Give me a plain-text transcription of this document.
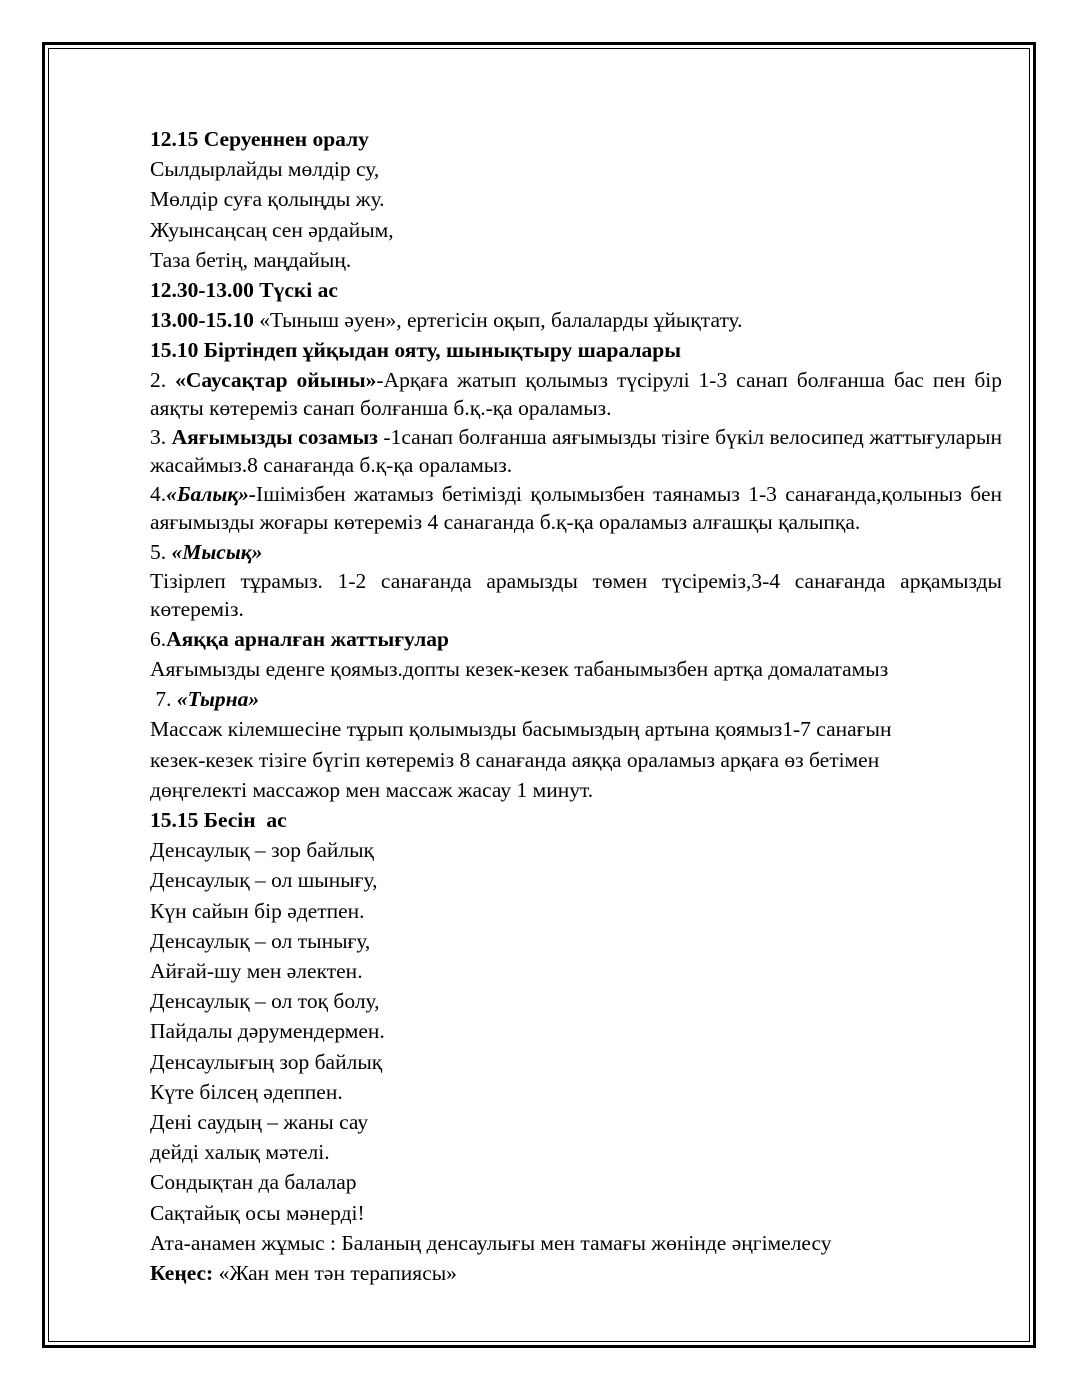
12.15 Серуеннен оралу

Сылдырлайды мөлдір су,

Мөлдір суға қолыңды жу.

Жуынсаңсаң сен әрдайым,

Таза бетің, маңдайың.

12.30-13.00 Түскі ас

13.00-15.10 «Тыныш әуен», ертегісін оқып, балаларды ұйықтату.

15.10 Біртіндеп ұйқыдан ояту, шынықтыру шаралары

2. «Саусақтар ойыны»-Арқаға жатып қолымыз түсірулі 1-3 санап болғанша бас пен бір аяқты көтереміз санап болғанша б.қ.-қа ораламыз.

3. Аяғымызды созамыз -1санап болғанша аяғымызды тізіге бүкіл велосипед жаттығуларын жасаймыз.8 санағанда б.қ-қа ораламыз.

4.«Балық»-Ішімізбен жатамыз бетімізді қолымызбен таянамыз 1-3 санағанда,қолыныз бен аяғымызды жоғары көтереміз 4 санаганда б.қ-қа ораламыз алғашқы қалыпқа.

5. «Мысық»

Тізірлеп тұрамыз. 1-2 санағанда арамызды төмен түсіреміз,3-4 санағанда арқамызды көтереміз.

6.Аяққа арналған жаттығулар

Аяғымызды еденге қоямыз.допты кезек-кезек табанымызбен артқа домалатамыз

7. «Тырна»

Массаж кілемшесіне тұрып қолымызды басымыздың артына қоямыз1-7 санағын

кезек-кезек тізіге бүгіп көтереміз 8 санағанда аяққа ораламыз арқаға өз бетімен

дөңгелекті массажор мен массаж жасау 1 минут.

15.15 Бесін  ас

Денсаулық – зор байлық

Денсаулық – ол шынығу,

Күн сайын бір әдетпен.

Денсаулық – ол тынығу,

Айғай-шу мен әлектен.

Денсаулық – ол тоқ болу,

Пайдалы дәрумендермен.

Денсаулығың зор байлық

Күте білсең әдеппен.

Дені саудың – жаны сау

дейді халық мәтелі.

Сондықтан да балалар

Сақтайық осы мәнерді!

Ата-анамен жұмыс : Баланың денсаулығы мен тамағы жөнінде әңгімелесу

Кеңес: «Жан мен тән терапиясы»
